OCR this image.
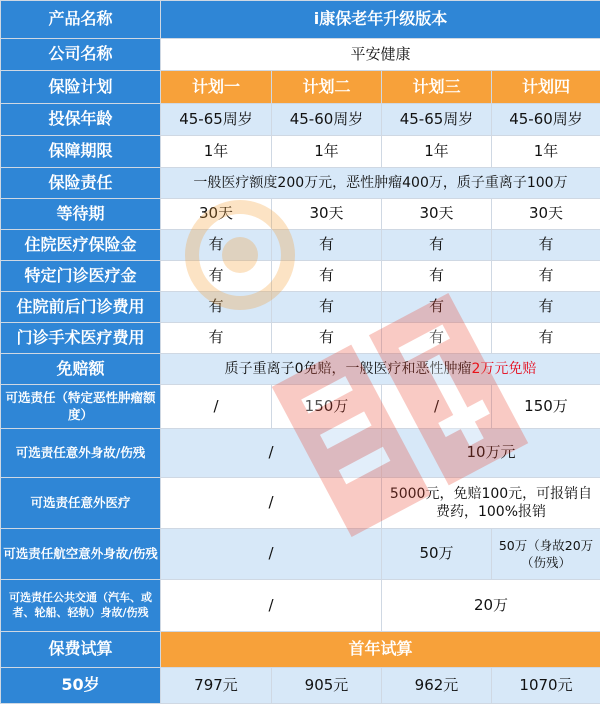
产品名称	i康保老年升级版本			
公司名称	平安健康			
保险计划	计划一	计划二	计划三	计划四
投保年龄	45-65周岁	45-60周岁	45-65周岁	45-60周岁
保障期限	1年	1年	1年	1年
保险责任	一般医疗额度200万元，恶性肿瘤400万，质子重离子100万			
等待期	30天	30天	30天	30天
住院医疗保险金	有	有	有	有
特定门诊医疗金	有	有	有	有
住院前后门诊费用	有	有	有	有
门诊手术医疗费用	有	有	有	有
免赔额	质子重离子0免赔，一般医疗和恶性肿瘤2万元免赔			
可选责任（特定恶性肿瘤额度）	/	150万	/	150万
可选责任意外身故/伤残	/		10万元	
可选责任意外医疗	/		5000元，免赔100元，可报销自费药，100%报销	
可选责任航空意外身故/伤残	/		50万	50万（身故20万（伤残）
可选责任公共交通（汽车、或者、轮船、轻轨）身故/伤残	/		20万	
保费试算	首年试算			
50岁	797元	905元	962元	1070元
